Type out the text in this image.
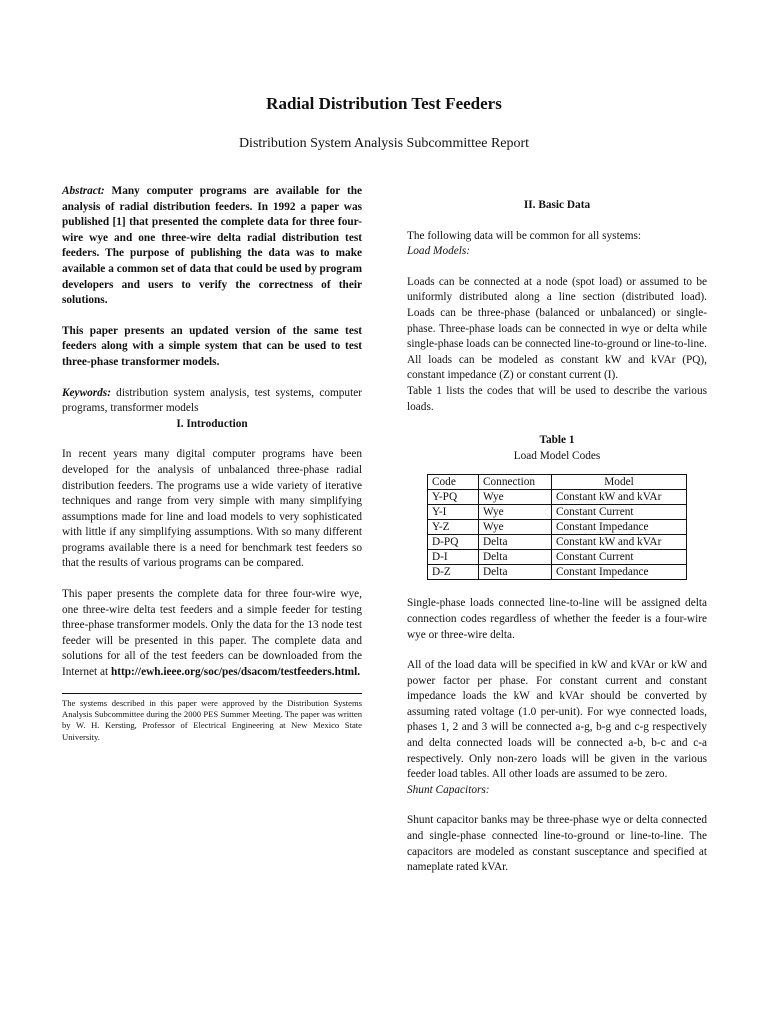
Radial Distribution Test Feeders
Distribution System Analysis Subcommittee Report

Abstract: Many computer programs are available for the analysis of radial distribution feeders. In 1992 a paper was published [1] that presented the complete data for three four-wire wye and one three-wire delta radial distribution test feeders. The purpose of publishing the data was to make available a common set of data that could be used by program developers and users to verify the correctness of their solutions.

This paper presents an updated version of the same test feeders along with a simple system that can be used to test three-phase transformer models.

Keywords: distribution system analysis, test systems, computer programs, transformer models

I. Introduction

In recent years many digital computer programs have been developed for the analysis of unbalanced three-phase radial distribution feeders. The programs use a wide variety of iterative techniques and range from very simple with many simplifying assumptions made for line and load models to very sophisticated with little if any simplifying assumptions. With so many different programs available there is a need for benchmark test feeders so that the results of various programs can be compared.

This paper presents the complete data for three four-wire wye, one three-wire delta test feeders and a simple feeder for testing three-phase transformer models. Only the data for the 13 node test feeder will be presented in this paper. The complete data and solutions for all of the test feeders can be downloaded from the Internet at http://ewh.ieee.org/soc/pes/dsacom/testfeeders.html.

The systems described in this paper were approved by the Distribution Systems Analysis Subcommittee during the 2000 PES Summer Meeting. The paper was written by W. H. Kersting, Professor of Electrical Engineering at New Mexico State University.

II. Basic Data

The following data will be common for all systems:

Load Models:

Loads can be connected at a node (spot load) or assumed to be uniformly distributed along a line section (distributed load). Loads can be three-phase (balanced or unbalanced) or single-phase. Three-phase loads can be connected in wye or delta while single-phase loads can be connected line-to-ground or line-to-line. All loads can be modeled as constant kW and kVAr (PQ), constant impedance (Z) or constant current (I).

Table 1 lists the codes that will be used to describe the various loads.

Table 1

Load Model Codes

Code	Connection	Model
Y-PQ	Wye	Constant kW and kVAr
Y-I	Wye	Constant Current
Y-Z	Wye	Constant Impedance
D-PQ	Delta	Constant kW and kVAr
D-I	Delta	Constant Current
D-Z	Delta	Constant Impedance

Single-phase loads connected line-to-line will be assigned delta connection codes regardless of whether the feeder is a four-wire wye or three-wire delta.

All of the load data will be specified in kW and kVAr or kW and power factor per phase. For constant current and constant impedance loads the kW and kVAr should be converted by assuming rated voltage (1.0 per-unit). For wye connected loads, phases 1, 2 and 3 will be connected a-g, b-g and c-g respectively and delta connected loads will be connected a-b, b-c and c-a respectively. Only non-zero loads will be given in the various feeder load tables. All other loads are assumed to be zero.

Shunt Capacitors:

Shunt capacitor banks may be three-phase wye or delta connected and single-phase connected line-to-ground or line-to-line. The capacitors are modeled as constant susceptance and specified at nameplate rated kVAr.
